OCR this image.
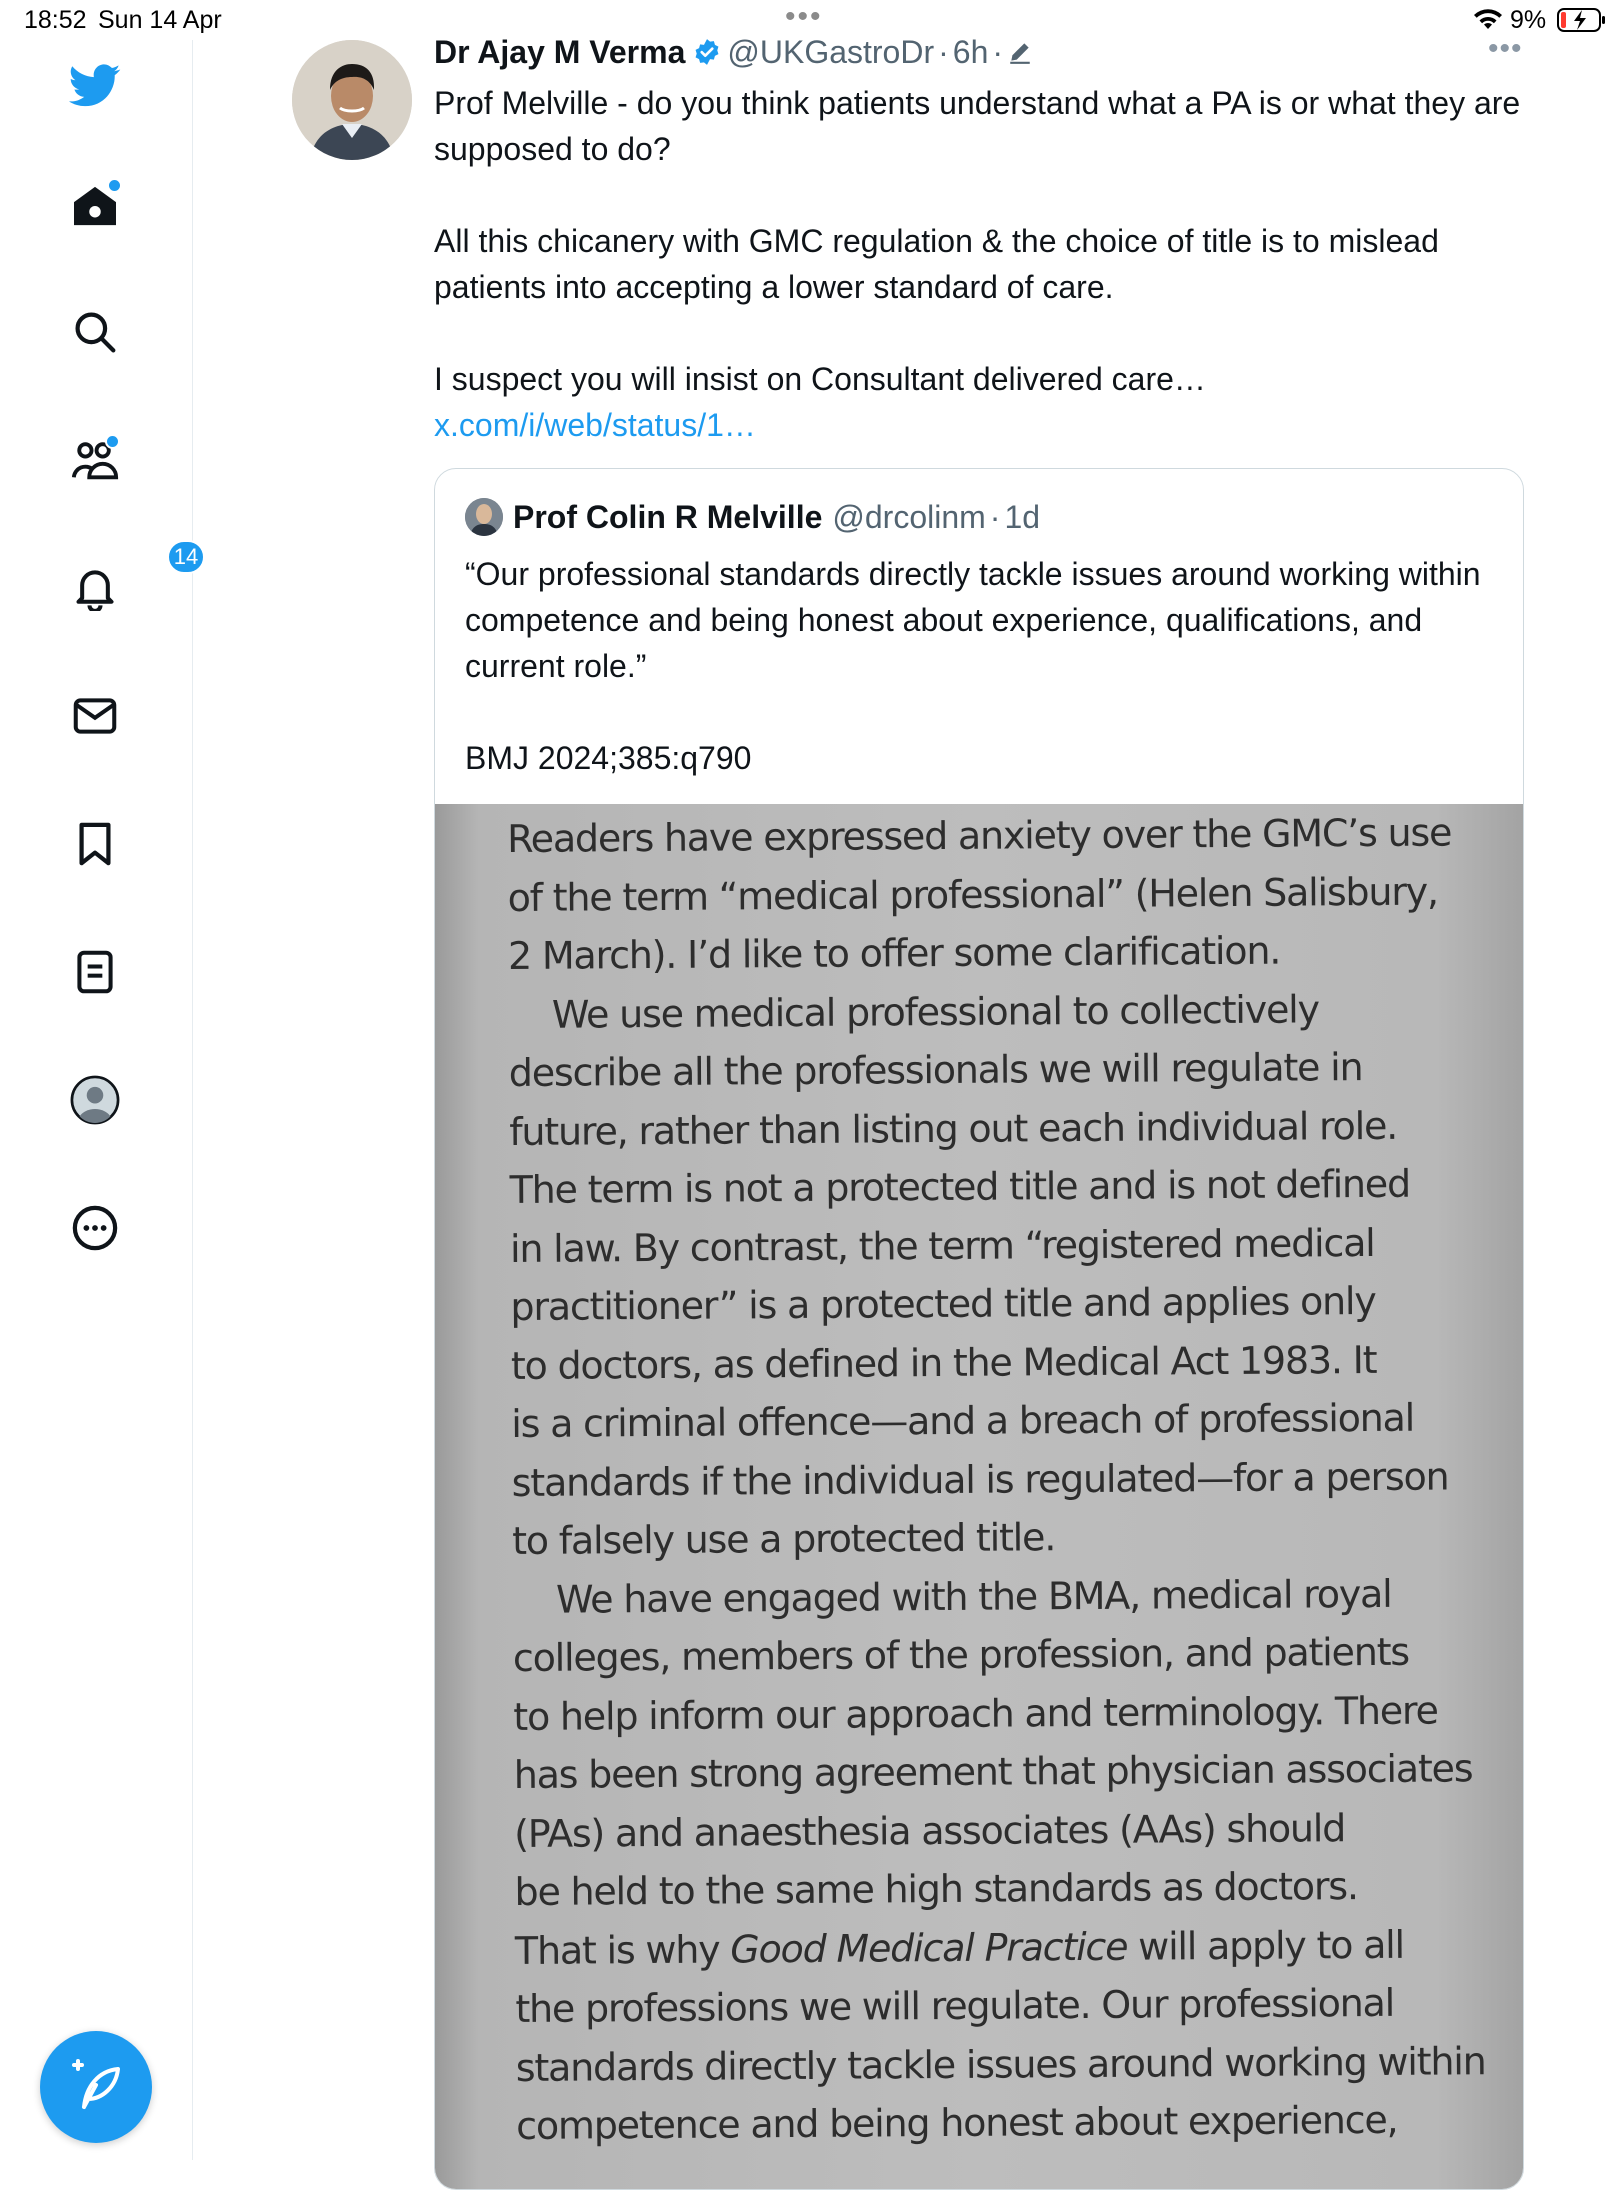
18:52 Sun 14 Apr	•••	9%
14
Dr Ajay M Verma @UKGastroDr · 6h ·	•••

Prof Melville - do you think patients understand what a PA is or what they are supposed to do?

All this chicanery with GMC regulation & the choice of title is to mislead patients into accepting a lower standard of care.

I suspect you will insist on Consultant delivered care… x.com/i/web/status/1…

Prof Colin R Melville @drcolinm · 1d

“Our professional standards directly tackle issues around working within competence and being honest about experience, qualifications, and current role.”

BMJ 2024;385:q790

Readers have expressed anxiety over the GMC’s use
of the term “medical professional” (Helen Salisbury,
2 March). I’d like to offer some clarification.
We use medical professional to collectively
describe all the professionals we will regulate in
future, rather than listing out each individual role.
The term is not a protected title and is not defined
in law. By contrast, the term “registered medical
practitioner” is a protected title and applies only
to doctors, as defined in the Medical Act 1983. It
is a criminal offence—and a breach of professional
standards if the individual is regulated—for a person
to falsely use a protected title.
We have engaged with the BMA, medical royal
colleges, members of the profession, and patients
to help inform our approach and terminology. There
has been strong agreement that physician associates
(PAs) and anaesthesia associates (AAs) should
be held to the same high standards as doctors.
That is why Good Medical Practice will apply to all
the professions we will regulate. Our professional
standards directly tackle issues around working within
competence and being honest about experience,
